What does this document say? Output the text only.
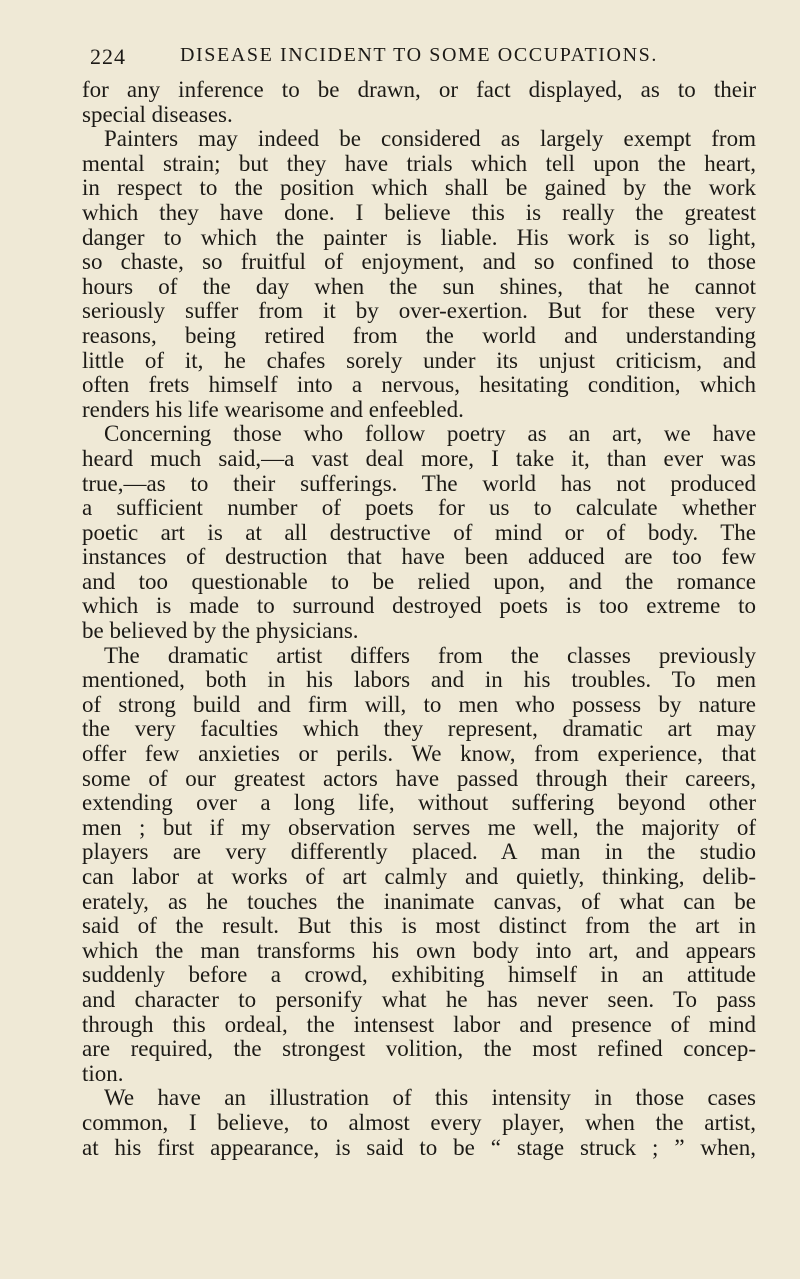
224	DISEASE INCIDENT TO SOME OCCUPATIONS.
for any inference to be drawn, or fact displayed, as to their
special diseases.
Painters may indeed be considered as largely exempt from
mental strain; but they have trials which tell upon the heart,
in respect to the position which shall be gained by the work
which they have done. I believe this is really the greatest
danger to which the painter is liable. His work is so light,
so chaste, so fruitful of enjoyment, and so confined to those
hours of the day when the sun shines, that he cannot
seriously suffer from it by over-exertion. But for these very
reasons, being retired from the world and understanding
little of it, he chafes sorely under its unjust criticism, and
often frets himself into a nervous, hesitating condition, which
renders his life wearisome and enfeebled.
Concerning those who follow poetry as an art, we have
heard much said,—a vast deal more, I take it, than ever was
true,—as to their sufferings. The world has not produced
a sufficient number of poets for us to calculate whether
poetic art is at all destructive of mind or of body. The
instances of destruction that have been adduced are too few
and too questionable to be relied upon, and the romance
which is made to surround destroyed poets is too extreme to
be believed by the physicians.
The dramatic artist differs from the classes previously
mentioned, both in his labors and in his troubles. To men
of strong build and firm will, to men who possess by nature
the very faculties which they represent, dramatic art may
offer few anxieties or perils. We know, from experience, that
some of our greatest actors have passed through their careers,
extending over a long life, without suffering beyond other
men ; but if my observation serves me well, the majority of
players are very differently placed. A man in the studio
can labor at works of art calmly and quietly, thinking, delib-
erately, as he touches the inanimate canvas, of what can be
said of the result. But this is most distinct from the art in
which the man transforms his own body into art, and appears
suddenly before a crowd, exhibiting himself in an attitude
and character to personify what he has never seen. To pass
through this ordeal, the intensest labor and presence of mind
are required, the strongest volition, the most refined concep-
tion.
We have an illustration of this intensity in those cases
common, I believe, to almost every player, when the artist,
at his first appearance, is said to be “ stage struck ; ” when,
